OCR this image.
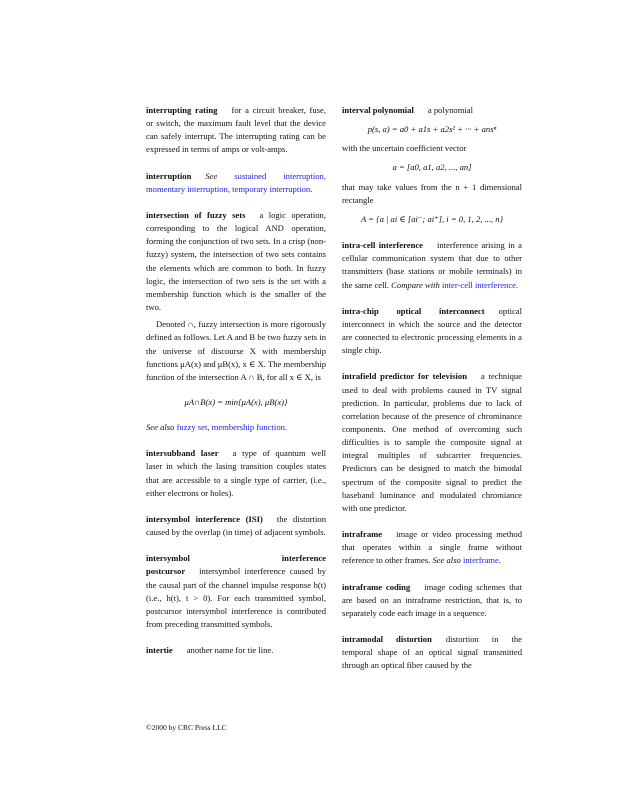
interrupting rating for a circuit breaker, fuse, or switch, the maximum fault level that the device can safely interrupt. The interrupting rating can be expressed in terms of amps or volt-amps.
interruption See sustained interruption, momentary interruption, temporary interruption.

intersection of fuzzy sets a logic operation, corresponding to the logical AND operation, forming the conjunction of two sets. In a crisp (non-fuzzy) system, the intersection of two sets contains the elements which are common to both. In fuzzy logic, the intersection of two sets is the set with a membership function which is the smaller of the two.

Denoted ∩, fuzzy intersection is more rigorously defined as follows. Let A and B be two fuzzy sets in the universe of discourse X with membership functions μA(x) and μB(x), x ∈ X. The membership function of the intersection A ∩ B, for all x ∈ X, is

μA∩B(x) = min{μA(x), μB(x)}

See also fuzzy set, membership function.

intersubband laser a type of quantum well laser in which the lasing transition couples states that are accessible to a single type of carrier, (i.e., either electrons or holes).
intersymbol interference (ISI) the distortion caused by the overlap (in time) of adjacent symbols.
intersymbol interference postcursor intersymbol interference caused by the causal part of the channel impulse response h(t) (i.e., h(t), t > 0). For each transmitted symbol, postcursor intersymbol interference is contributed from preceding transmitted symbols.
intertie another name for tie line.

interval polynomial a polynomial

p(s, a) = a0 + a1s + a2s² + ··· + ansⁿ

with the uncertain coefficient vector

a = [a0, a1, a2, ..., an]

that may take values from the n + 1 dimensional rectangle

A = {a | ai ∈ [ai⁻; ai⁺], i = 0, 1, 2, ..., n}
intra-cell interference interference arising in a cellular communication system that due to other transmitters (base stations or mobile terminals) in the same cell. Compare with inter-cell interference.
intra-chip optical interconnect optical interconnect in which the source and the detector are connected to electronic processing elements in a single chip.
intrafield predictor for television a technique used to deal with problems caused in TV signal prediction. In particular, problems due to lack of correlation because of the presence of chrominance components. One method of overcoming such difficulties is to sample the composite signal at integral multiples of subcarrier frequencies. Predictors can be designed to match the bimodal spectrum of the composite signal to predict the baseband luminance and modulated chromiance with one predictor.
intraframe image or video processing method that operates within a single frame without reference to other frames. See also interframe.
intraframe coding image coding schemes that are based on an intraframe restriction, that is, to separately code each image in a sequence.
intramodal distortion distortion in the temporal shape of an optical signal transmitted through an optical fiber caused by the
©2000 by CRC Press LLC
